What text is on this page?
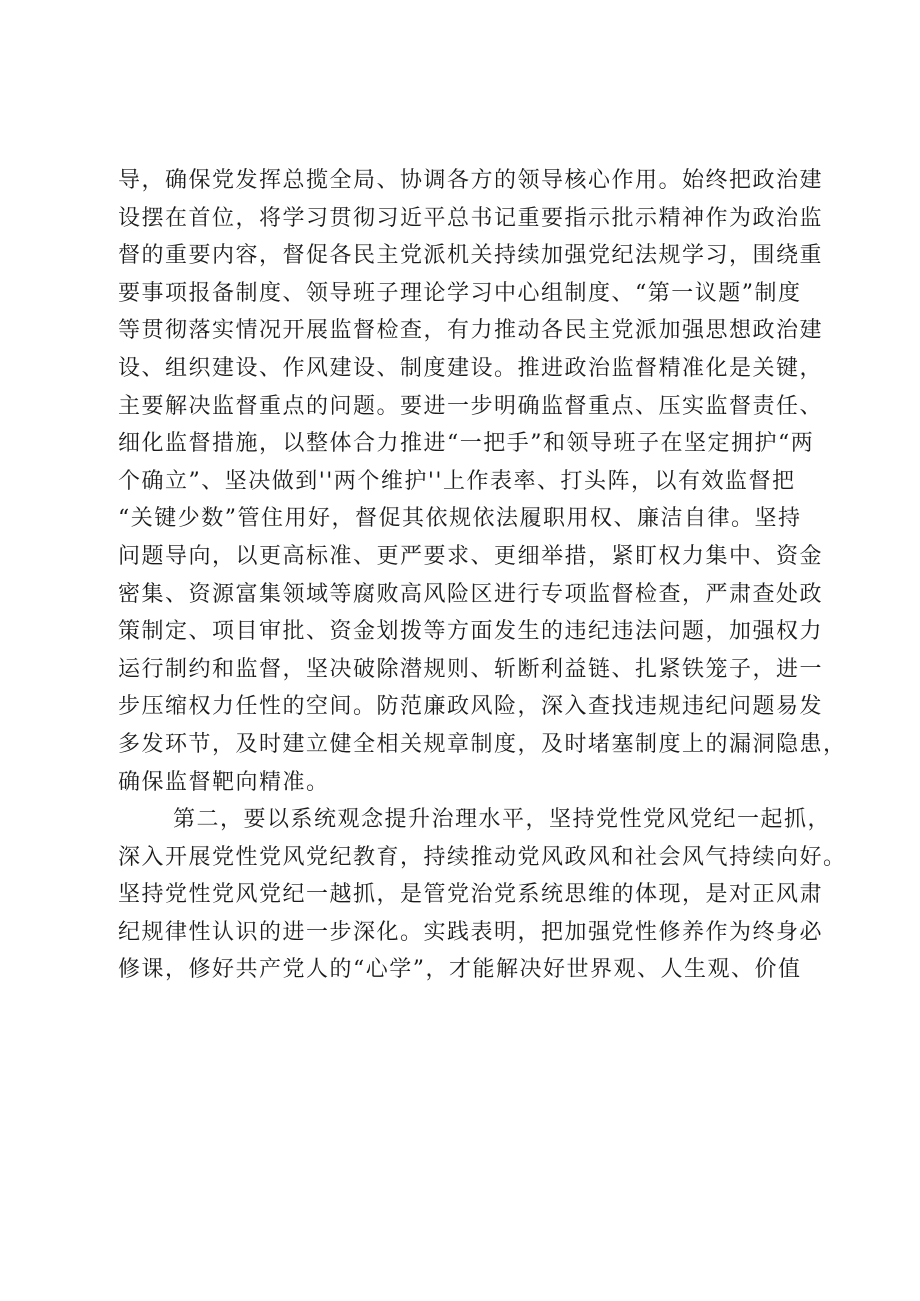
导，确保党发挥总揽全局、协调各方的领导核心作用。始终把政治建
设摆在首位，将学习贯彻习近平总书记重要指示批示精神作为政治监
督的重要内容，督促各民主党派机关持续加强党纪法规学习，围绕重
要事项报备制度、领导班子理论学习中心组制度、“第一议题”制度
等贯彻落实情况开展监督检查，有力推动各民主党派加强思想政治建
设、组织建设、作风建设、制度建设。推进政治监督精准化是关键，
主要解决监督重点的问题。要进一步明确监督重点、压实监督责任、
细化监督措施，以整体合力推进“一把手”和领导班子在坚定拥护“两
个确立”、坚决做到''两个维护''上作表率、打头阵，以有效监督把
“关键少数”管住用好，督促其依规依法履职用权、廉洁自律。坚持
问题导向，以更高标准、更严要求、更细举措，紧盯权力集中、资金
密集、资源富集领域等腐败高风险区进行专项监督检查，严肃查处政
策制定、项目审批、资金划拨等方面发生的违纪违法问题，加强权力
运行制约和监督，坚决破除潜规则、斩断利益链、扎紧铁笼子，进一
步压缩权力任性的空间。防范廉政风险，深入查找违规违纪问题易发
多发环节，及时建立健全相关规章制度，及时堵塞制度上的漏洞隐患，
确保监督靶向精准。
第二，要以系统观念提升治理水平，坚持党性党风党纪一起抓，
深入开展党性党风党纪教育，持续推动党风政风和社会风气持续向好。
坚持党性党风党纪一越抓，是管党治党系统思维的体现，是对正风肃
纪规律性认识的进一步深化。实践表明，把加强党性修养作为终身必
修课，修好共产党人的“心学”，才能解决好世界观、人生观、价值
